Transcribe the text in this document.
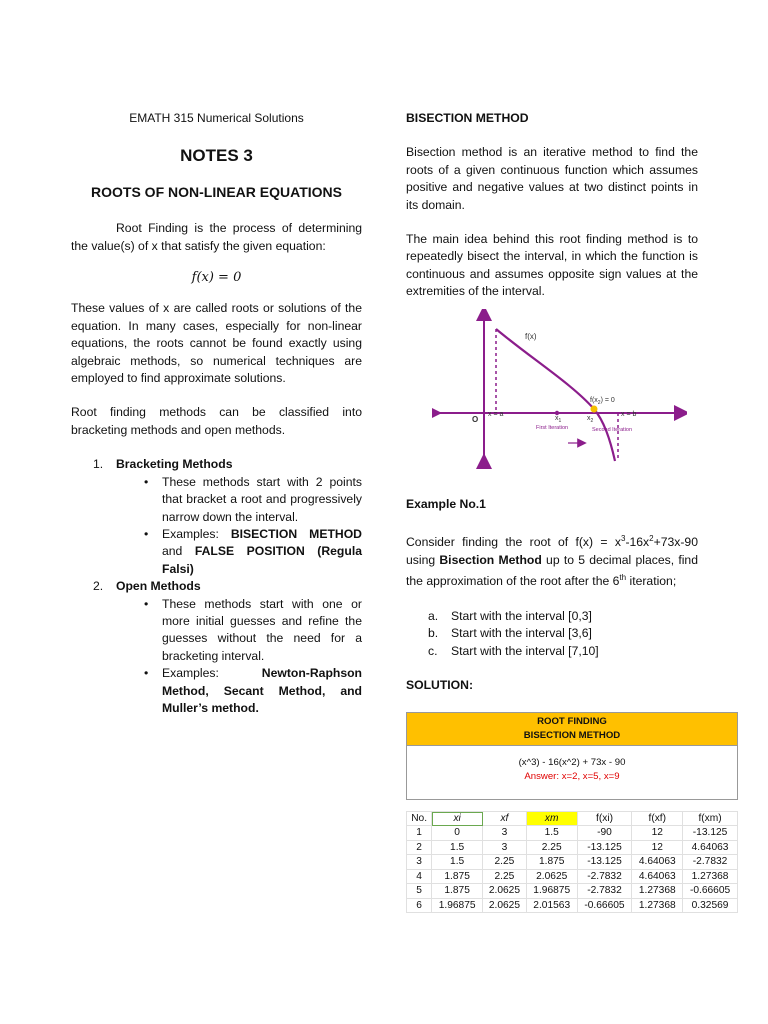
EMATH 315 Numerical Solutions

NOTES 3

ROOTS OF NON-LINEAR EQUATIONS

Root Finding is the process of determining the value(s) of x that satisfy the given equation:

f(x) = 0

These values of x are called roots or solutions of the equation. In many cases, especially for non-linear equations, the roots cannot be found exactly using algebraic methods, so numerical techniques are employed to find approximate solutions.

Root finding methods can be classified into bracketing methods and open methods.

1. Bracketing Methods
• These methods start with 2 points that bracket a root and progressively narrow down the interval.
• Examples: BISECTION METHOD and FALSE POSITION (Regula Falsi)
2. Open Methods
• These methods start with one or more initial guesses and refine the guesses without the need for a bracketing interval.
• Examples: Newton-Raphson Method, Secant Method, and Muller’s method.

BISECTION METHOD

Bisection method is an iterative method to find the roots of a given continuous function which assumes positive and negative values at two distinct points in its domain.

The main idea behind this root finding method is to repeatedly bisect the interval, in which the function is continuous and assumes opposite sign values at the extremities of the interval.

f(x)
$f(x_2) = 0$
O
x = a	x = b
$x_1$	$x_2$
First Iteration	Second Iteration

Example No.1

Consider finding the root of $f(x) = x^3-16x^2+73x-90$ using Bisection Method up to 5 decimal places, find the approximation of the root after the 6th iteration;

a. Start with the interval [0,3]
b. Start with the interval [3,6]
c. Start with the interval [7,10]

SOLUTION:

ROOT FINDING
BISECTION METHOD						

(x^3) - 16(x^2) + 73x - 90
Answer: x=2, x=5, x=9						

No.	xi	xf	xm	f(xi)	f(xf)	f(xm)
1	0	3	1.5	-90	12	-13.125
2	1.5	3	2.25	-13.125	12	4.64063
3	1.5	2.25	1.875	-13.125	4.64063	-2.7832
4	1.875	2.25	2.0625	-2.7832	4.64063	1.27368
5	1.875	2.0625	1.96875	-2.7832	1.27368	-0.66605
6	1.96875	2.0625	2.01563	-0.66605	1.27368	0.32569
